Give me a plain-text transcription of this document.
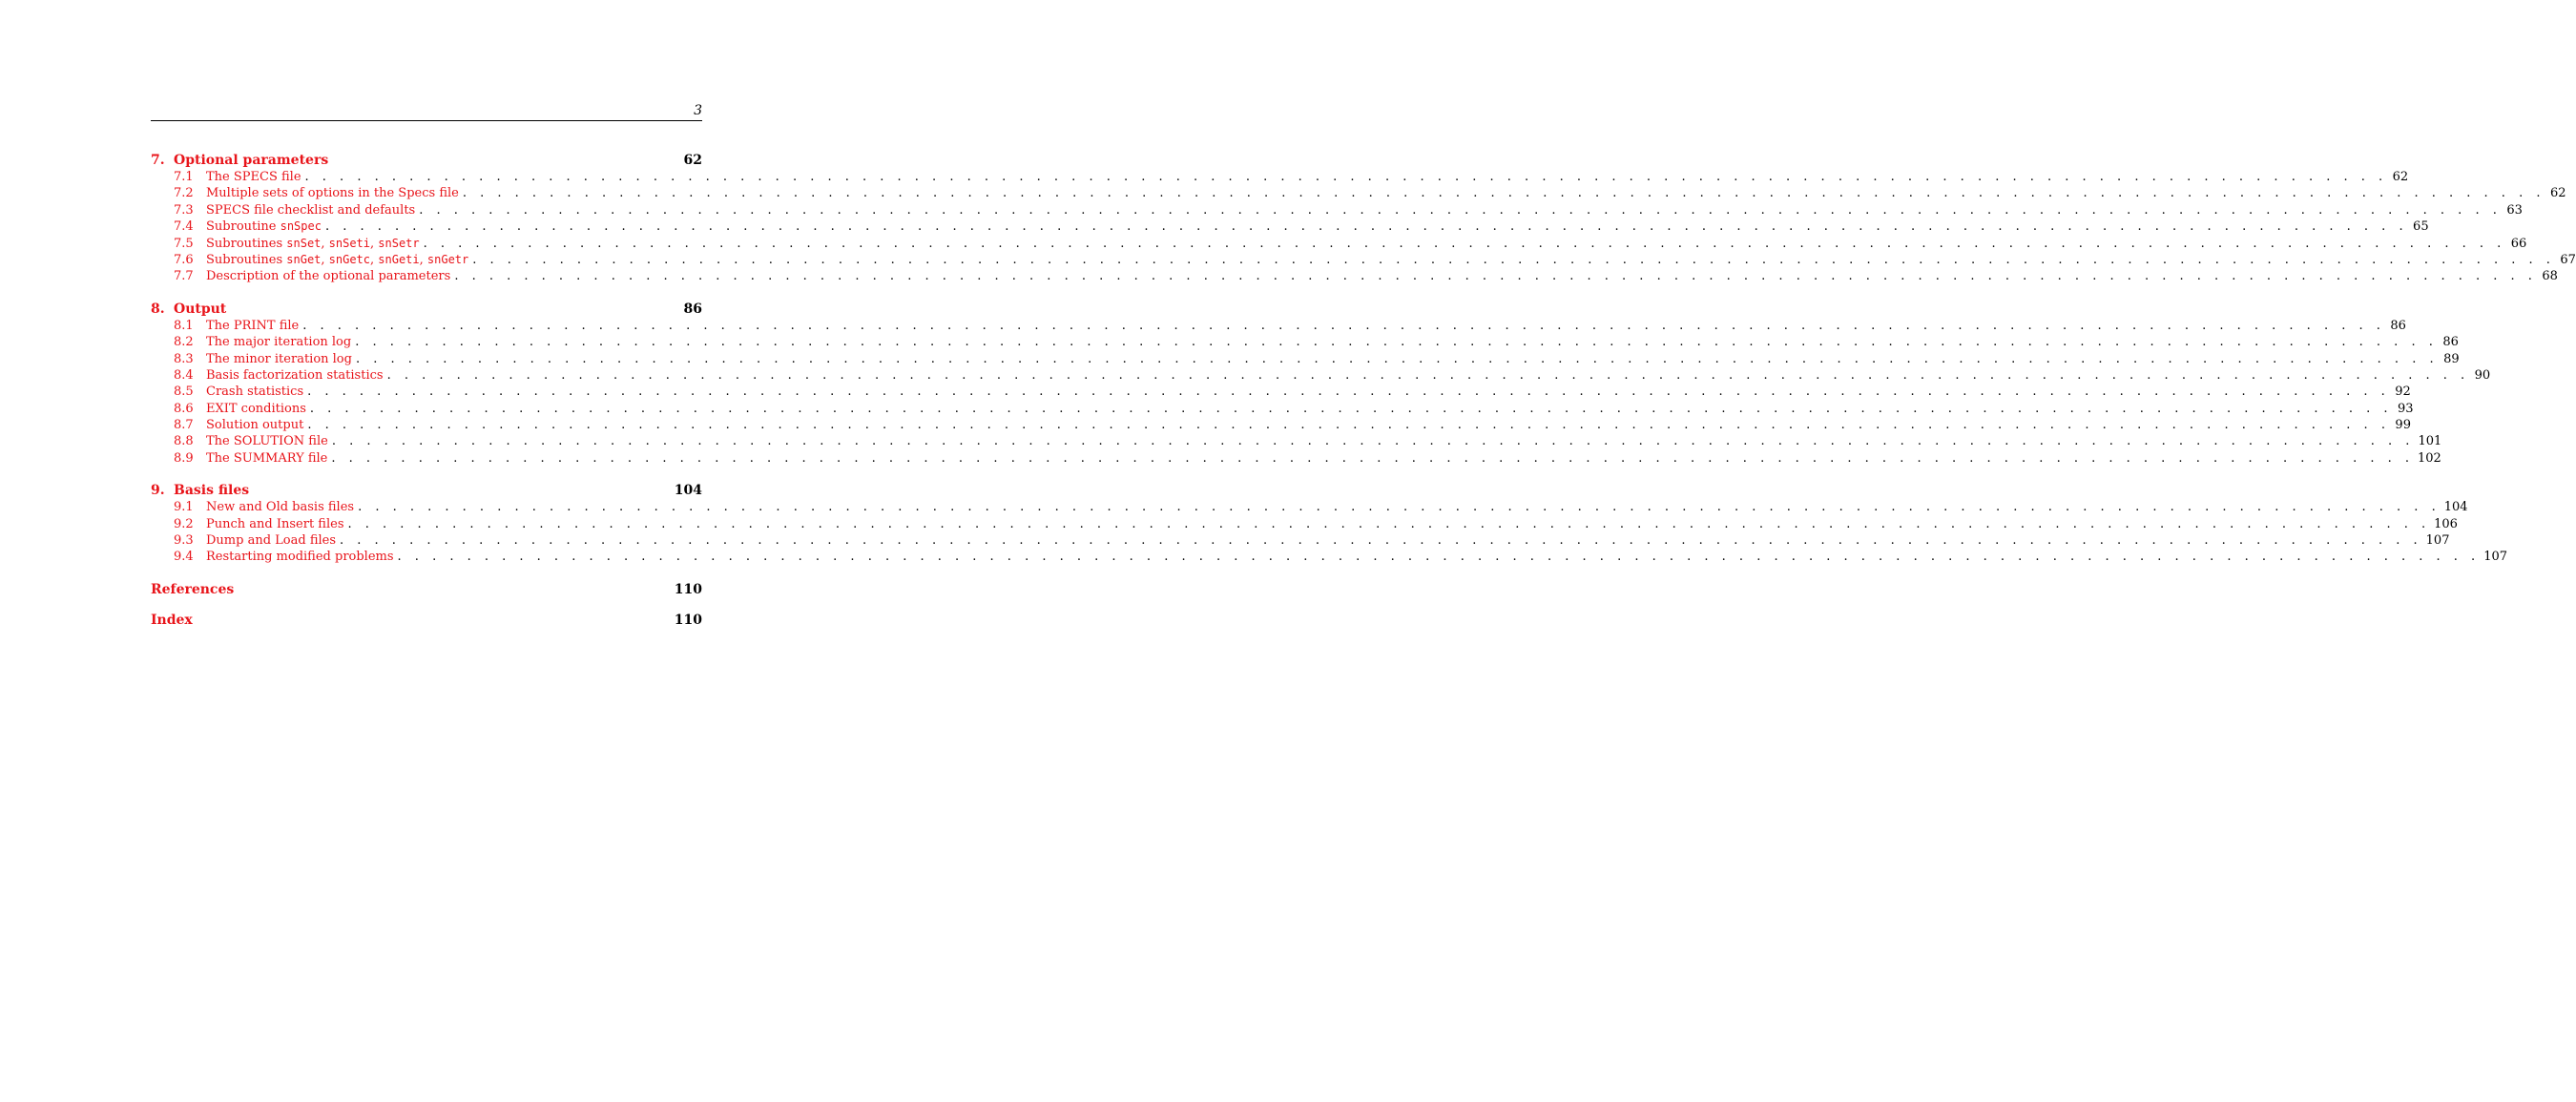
3
7. Optional parameters	62
7.1	The SPECS file . . . . . . . . . . . . . . . . . . . . . . . . . . . . . . . . . . . . . . . . . . . . . . . . . . . . . . . . . . . . . . . . . . . . . . . . . . . . . . . . . . . . . . . . . . . . . . . . . . . . . . . . . . . . . . . . . . . . . . . . 62
7.2	Multiple sets of options in the Specs file . . . . . . . . . . . . . . . . . . . . . . . . . . . . . . . . . . . . . . . . . . . . . . . . . . . . . . . . . . . . . . . . . . . . . . . . . . . . . . . . . . . . . . . . . . . . . . . . . . . . . . . . . . . . . . . . . . . . . . . . 62
7.3	SPECS file checklist and defaults . . . . . . . . . . . . . . . . . . . . . . . . . . . . . . . . . . . . . . . . . . . . . . . . . . . . . . . . . . . . . . . . . . . . . . . . . . . . . . . . . . . . . . . . . . . . . . . . . . . . . . . . . . . . . . . . . . . . . . . . 63
7.4	Subroutine snSpec . . . . . . . . . . . . . . . . . . . . . . . . . . . . . . . . . . . . . . . . . . . . . . . . . . . . . . . . . . . . . . . . . . . . . . . . . . . . . . . . . . . . . . . . . . . . . . . . . . . . . . . . . . . . . . . . . . . . . . . . 65
7.5	Subroutines snSet, snSeti, snSetr . . . . . . . . . . . . . . . . . . . . . . . . . . . . . . . . . . . . . . . . . . . . . . . . . . . . . . . . . . . . . . . . . . . . . . . . . . . . . . . . . . . . . . . . . . . . . . . . . . . . . . . . . . . . . . . . . . . . . . . . 66
7.6	Subroutines snGet, snGetc, snGeti, snGetr . . . . . . . . . . . . . . . . . . . . . . . . . . . . . . . . . . . . . . . . . . . . . . . . . . . . . . . . . . . . . . . . . . . . . . . . . . . . . . . . . . . . . . . . . . . . . . . . . . . . . . . . . . . . . . . . . . . . . . . . 67
7.7	Description of the optional parameters . . . . . . . . . . . . . . . . . . . . . . . . . . . . . . . . . . . . . . . . . . . . . . . . . . . . . . . . . . . . . . . . . . . . . . . . . . . . . . . . . . . . . . . . . . . . . . . . . . . . . . . . . . . . . . . . . . . . . . . . 68
8. Output	86
8.1	The PRINT file . . . . . . . . . . . . . . . . . . . . . . . . . . . . . . . . . . . . . . . . . . . . . . . . . . . . . . . . . . . . . . . . . . . . . . . . . . . . . . . . . . . . . . . . . . . . . . . . . . . . . . . . . . . . . . . . . . . . . . . . 86
8.2	The major iteration log . . . . . . . . . . . . . . . . . . . . . . . . . . . . . . . . . . . . . . . . . . . . . . . . . . . . . . . . . . . . . . . . . . . . . . . . . . . . . . . . . . . . . . . . . . . . . . . . . . . . . . . . . . . . . . . . . . . . . . . . 86
8.3	The minor iteration log . . . . . . . . . . . . . . . . . . . . . . . . . . . . . . . . . . . . . . . . . . . . . . . . . . . . . . . . . . . . . . . . . . . . . . . . . . . . . . . . . . . . . . . . . . . . . . . . . . . . . . . . . . . . . . . . . . . . . . . . 89
8.4	Basis factorization statistics . . . . . . . . . . . . . . . . . . . . . . . . . . . . . . . . . . . . . . . . . . . . . . . . . . . . . . . . . . . . . . . . . . . . . . . . . . . . . . . . . . . . . . . . . . . . . . . . . . . . . . . . . . . . . . . . . . . . . . . . 90
8.5	Crash statistics . . . . . . . . . . . . . . . . . . . . . . . . . . . . . . . . . . . . . . . . . . . . . . . . . . . . . . . . . . . . . . . . . . . . . . . . . . . . . . . . . . . . . . . . . . . . . . . . . . . . . . . . . . . . . . . . . . . . . . . . 92
8.6	EXIT conditions . . . . . . . . . . . . . . . . . . . . . . . . . . . . . . . . . . . . . . . . . . . . . . . . . . . . . . . . . . . . . . . . . . . . . . . . . . . . . . . . . . . . . . . . . . . . . . . . . . . . . . . . . . . . . . . . . . . . . . . . 93
8.7	Solution output . . . . . . . . . . . . . . . . . . . . . . . . . . . . . . . . . . . . . . . . . . . . . . . . . . . . . . . . . . . . . . . . . . . . . . . . . . . . . . . . . . . . . . . . . . . . . . . . . . . . . . . . . . . . . . . . . . . . . . . . 99
8.8	The SOLUTION file . . . . . . . . . . . . . . . . . . . . . . . . . . . . . . . . . . . . . . . . . . . . . . . . . . . . . . . . . . . . . . . . . . . . . . . . . . . . . . . . . . . . . . . . . . . . . . . . . . . . . . . . . . . . . . . . . . . . . . . . 101
8.9	The SUMMARY file . . . . . . . . . . . . . . . . . . . . . . . . . . . . . . . . . . . . . . . . . . . . . . . . . . . . . . . . . . . . . . . . . . . . . . . . . . . . . . . . . . . . . . . . . . . . . . . . . . . . . . . . . . . . . . . . . . . . . . . . 102
9. Basis files	104
9.1	New and Old basis files . . . . . . . . . . . . . . . . . . . . . . . . . . . . . . . . . . . . . . . . . . . . . . . . . . . . . . . . . . . . . . . . . . . . . . . . . . . . . . . . . . . . . . . . . . . . . . . . . . . . . . . . . . . . . . . . . . . . . . . . 104
9.2	Punch and Insert files . . . . . . . . . . . . . . . . . . . . . . . . . . . . . . . . . . . . . . . . . . . . . . . . . . . . . . . . . . . . . . . . . . . . . . . . . . . . . . . . . . . . . . . . . . . . . . . . . . . . . . . . . . . . . . . . . . . . . . . . 106
9.3	Dump and Load files . . . . . . . . . . . . . . . . . . . . . . . . . . . . . . . . . . . . . . . . . . . . . . . . . . . . . . . . . . . . . . . . . . . . . . . . . . . . . . . . . . . . . . . . . . . . . . . . . . . . . . . . . . . . . . . . . . . . . . . . 107
9.4	Restarting modified problems . . . . . . . . . . . . . . . . . . . . . . . . . . . . . . . . . . . . . . . . . . . . . . . . . . . . . . . . . . . . . . . . . . . . . . . . . . . . . . . . . . . . . . . . . . . . . . . . . . . . . . . . . . . . . . . . . . . . . . . . 107
References	110
Index	110
